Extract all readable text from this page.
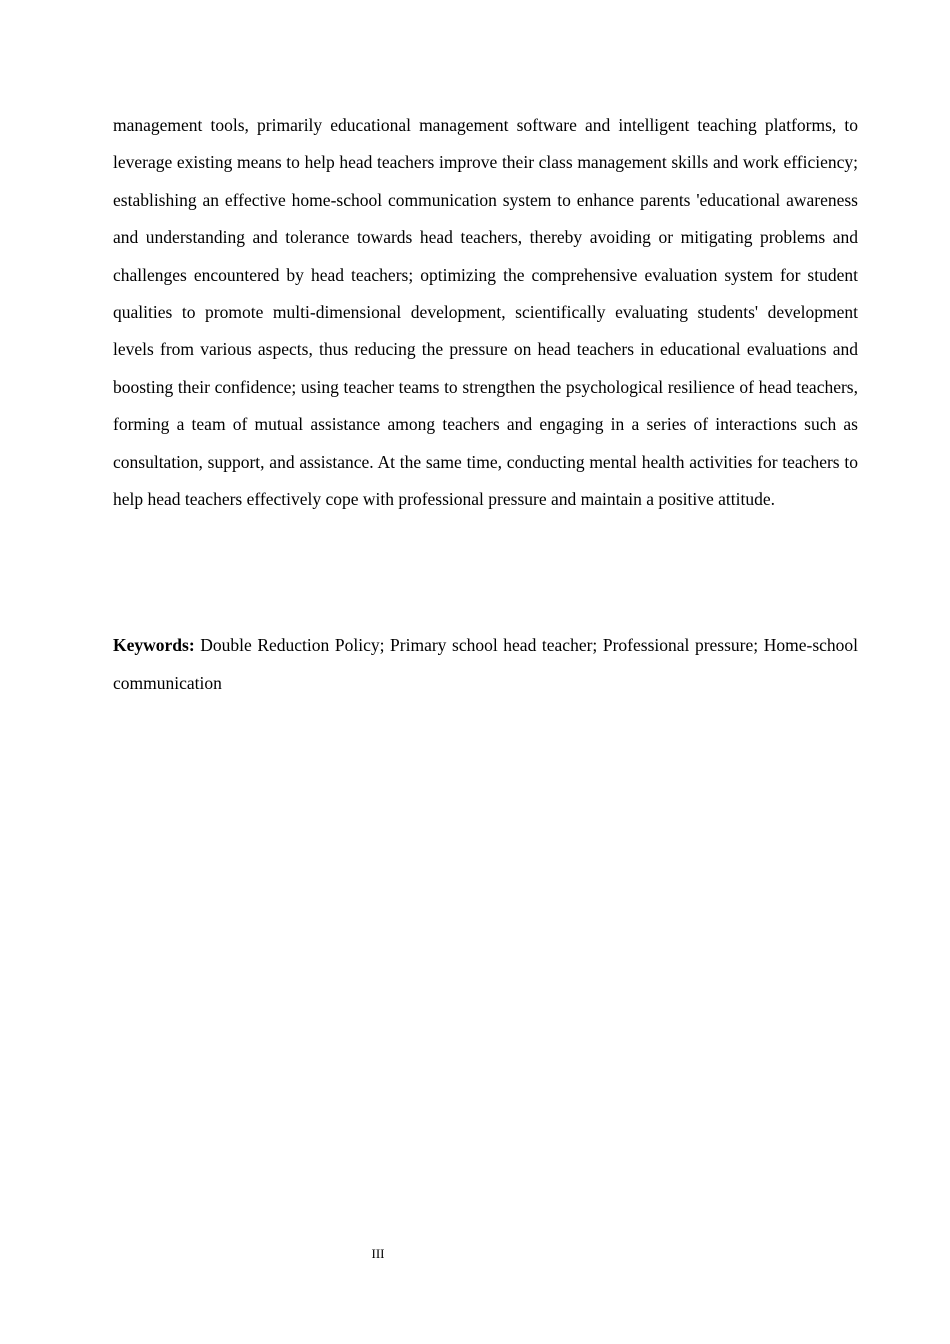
management tools, primarily educational management software and intelligent teaching platforms, to leverage existing means to help head teachers improve their class management skills and work efficiency; establishing an effective home-school communication system to enhance parents 'educational awareness and understanding and tolerance towards head teachers, thereby avoiding or mitigating problems and challenges encountered by head teachers; optimizing the comprehensive evaluation system for student qualities to promote multi-dimensional development, scientifically evaluating students' development levels from various aspects, thus reducing the pressure on head teachers in educational evaluations and boosting their confidence; using teacher teams to strengthen the psychological resilience of head teachers, forming a team of mutual assistance among teachers and engaging in a series of interactions such as consultation, support, and assistance. At the same time, conducting mental health activities for teachers to help head teachers effectively cope with professional pressure and maintain a positive attitude.

Keywords: Double Reduction Policy; Primary school head teacher; Professional pressure; Home-school communication

III
